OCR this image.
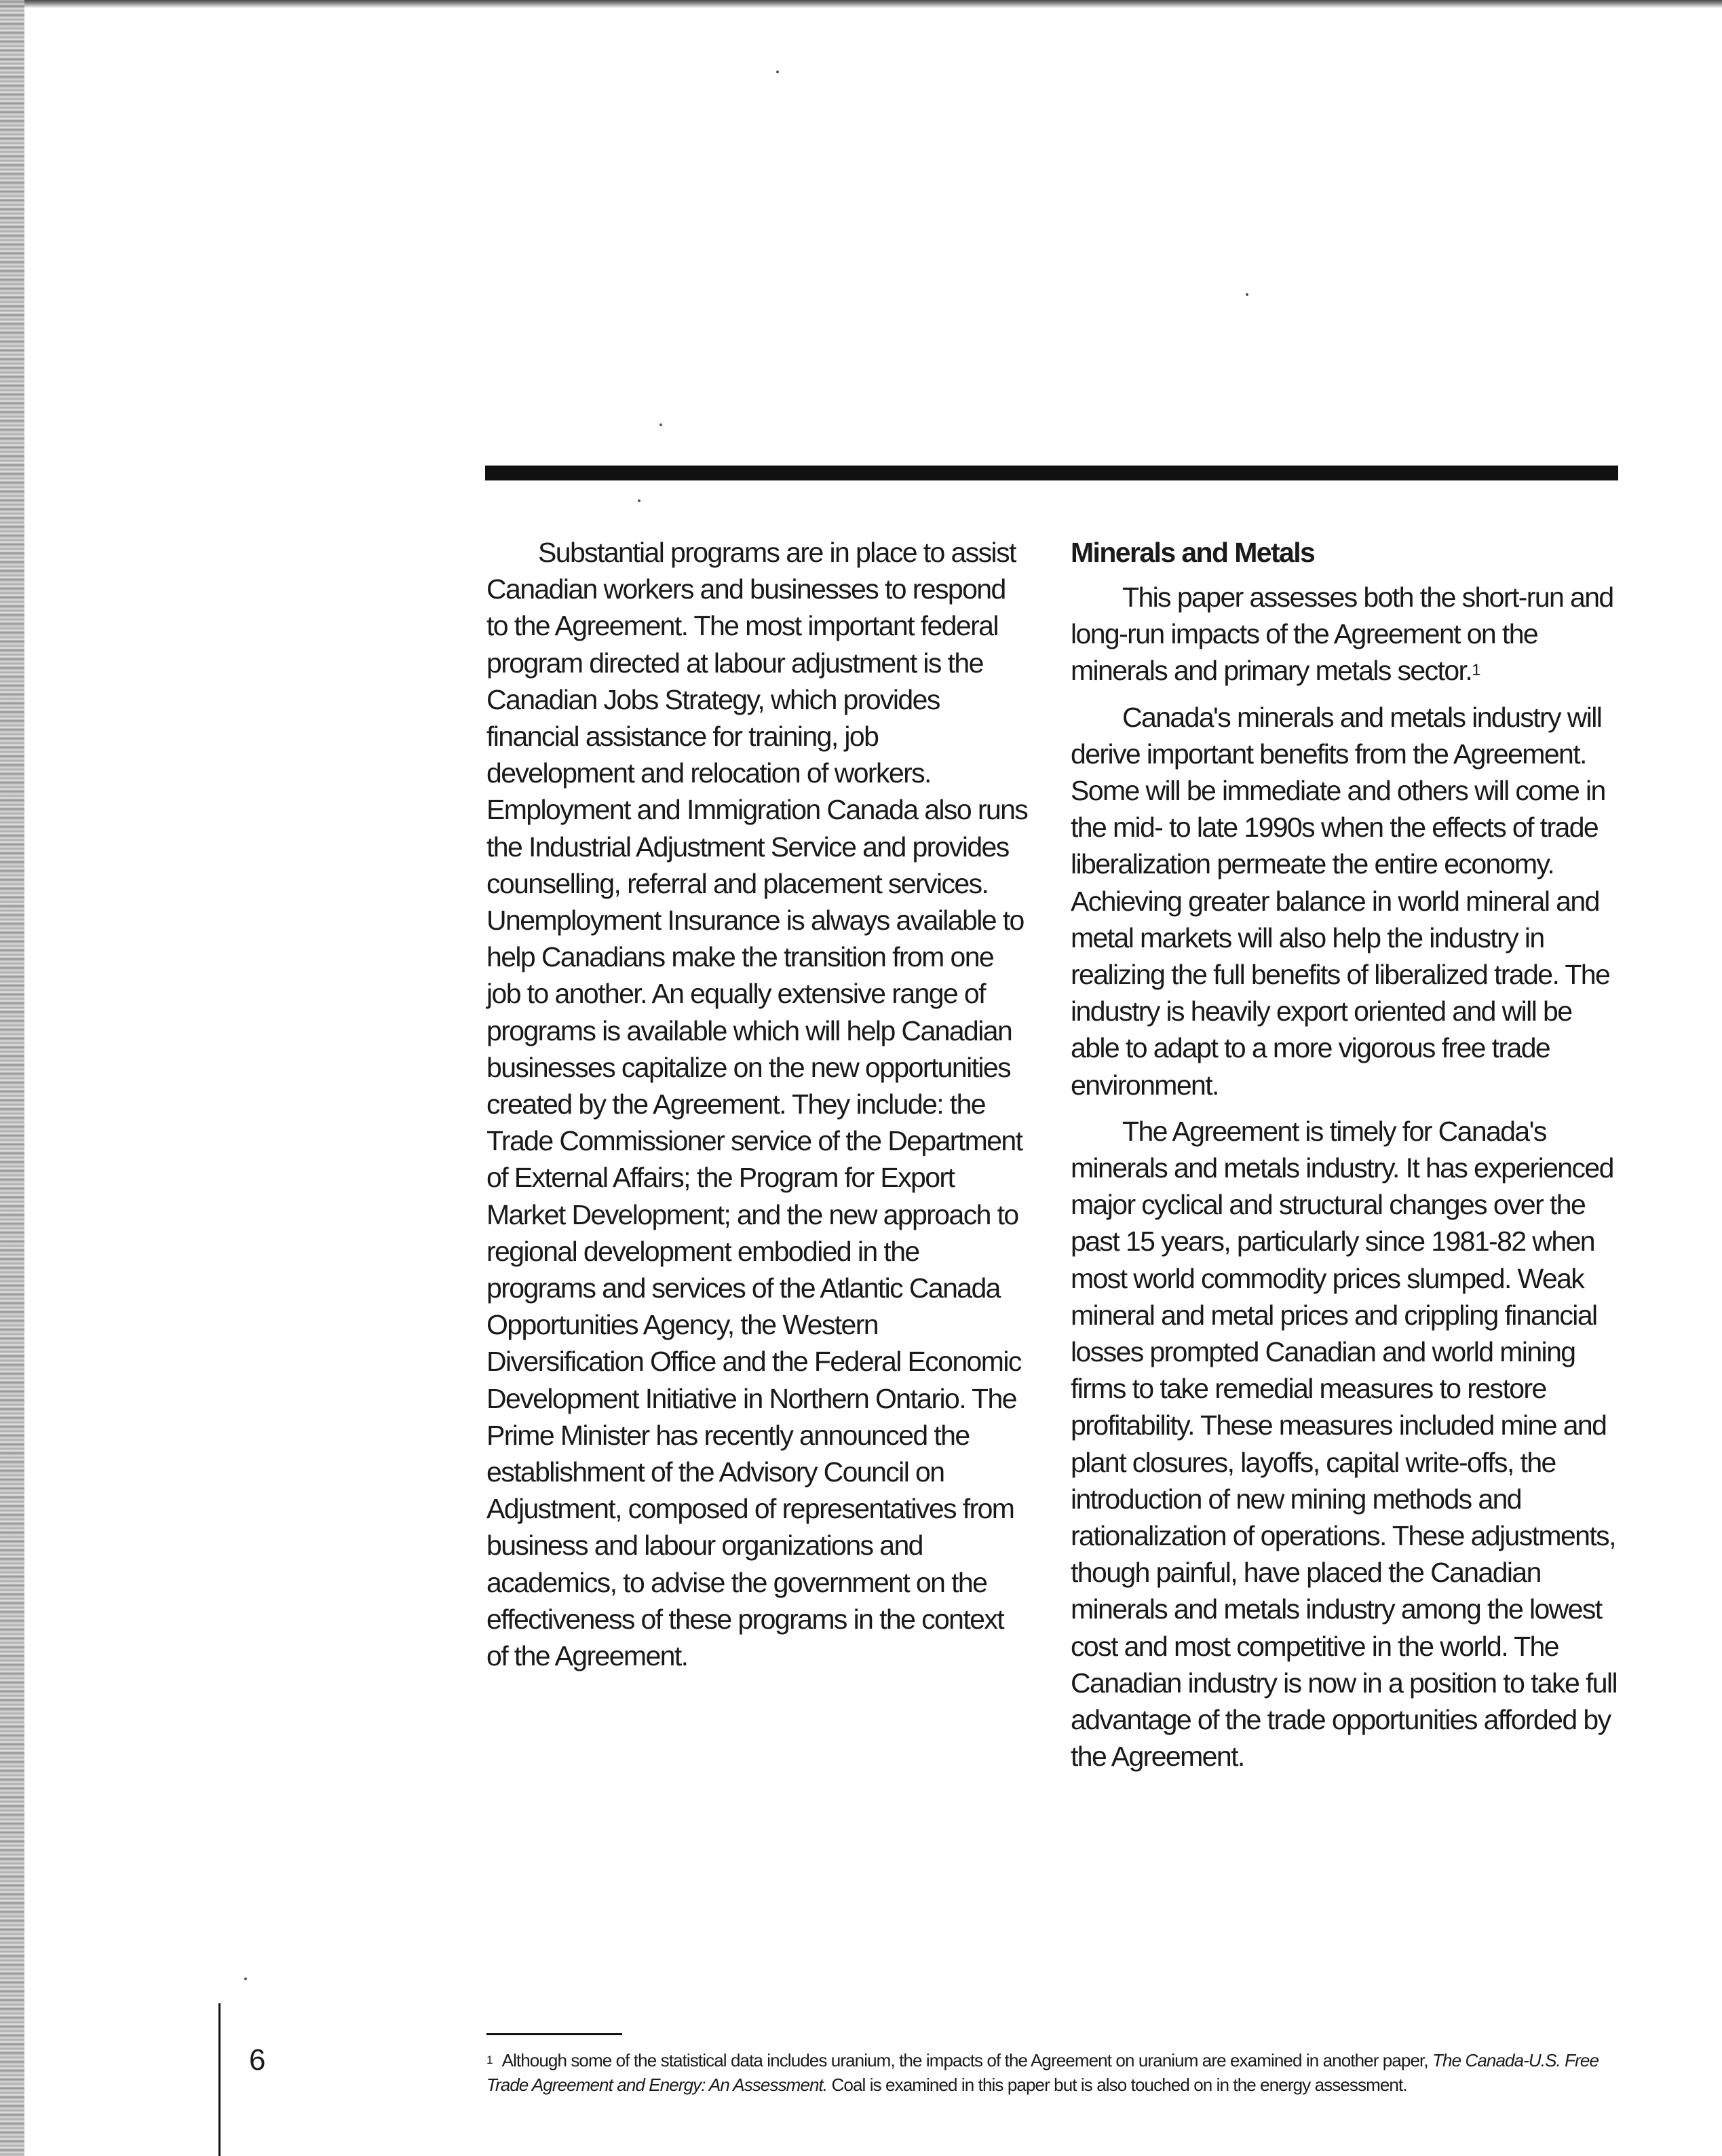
Substantial programs are in place to assist Canadian workers and businesses to respond to the Agreement. The most important federal program directed at labour adjustment is the Canadian Jobs Strategy, which provides financial assistance for training, job development and relocation of workers. Employment and Immigration Canada also runs the Industrial Adjustment Service and provides counselling, referral and placement services. Unemployment Insurance is always available to help Canadians make the transition from one job to another. An equally extensive range of programs is available which will help Canadian businesses capitalize on the new opportunities created by the Agreement. They include: the Trade Commissioner service of the Department of External Affairs; the Program for Export Market Development; and the new approach to regional development embodied in the programs and services of the Atlantic Canada Opportunities Agency, the Western Diversification Office and the Federal Economic Development Initiative in Northern Ontario. The Prime Minister has recently announced the establishment of the Advisory Council on Adjustment, composed of representatives from business and labour organizations and academics, to advise the government on the effectiveness of these programs in the context of the Agreement.

Minerals and Metals

This paper assesses both the short-run and long-run impacts of the Agreement on the minerals and primary metals sector.$^1$

Canada's minerals and metals industry will derive important benefits from the Agreement. Some will be immediate and others will come in the mid- to late 1990s when the effects of trade liberalization permeate the entire economy. Achieving greater balance in world mineral and metal markets will also help the industry in realizing the full benefits of liberalized trade. The industry is heavily export oriented and will be able to adapt to a more vigorous free trade environment.

The Agreement is timely for Canada's minerals and metals industry. It has experienced major cyclical and structural changes over the past 15 years, particularly since 1981-82 when most world commodity prices slumped. Weak mineral and metal prices and crippling financial losses prompted Canadian and world mining firms to take remedial measures to restore profitability. These measures included mine and plant closures, layoffs, capital write-offs, the introduction of new mining methods and rationalization of operations. These adjustments, though painful, have placed the Canadian minerals and metals industry among the lowest cost and most competitive in the world. The Canadian industry is now in a position to take full advantage of the trade opportunities afforded by the Agreement.

6	$^1$ Although some of the statistical data includes uranium, the impacts of the Agreement on uranium are examined in another paper, The Canada-U.S. Free Trade Agreement and Energy: An Assessment. Coal is examined in this paper but is also touched on in the energy assessment.
